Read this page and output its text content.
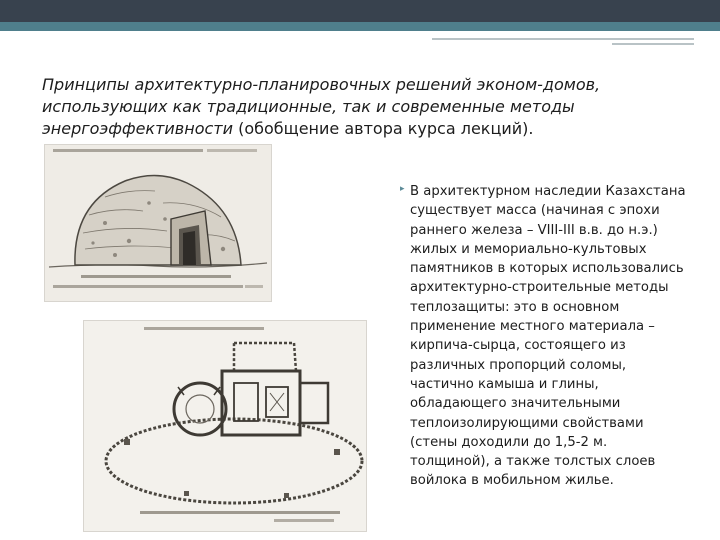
Принципы архитектурно-планировочных решений эконом-домов, использующих как традиционные, так и современные методы энергоэффективности (обобщение автора курса лекций).
▸ В архитектурном наследии Казахстана существует масса (начиная с эпохи раннего железа – VIII-III в.в. до н.э.) жилых и мемориально-культовых памятников в которых использовались архитектурно-строительные методы теплозащиты: это в основном применение местного материала – кирпича-сырца, состоящего из различных пропорций соломы, частично камыша и глины, обладающего значительными теплоизолирующими свойствами (стены доходили до 1,5-2 м. толщиной), а также толстых слоев войлока в мобильном жилье.
